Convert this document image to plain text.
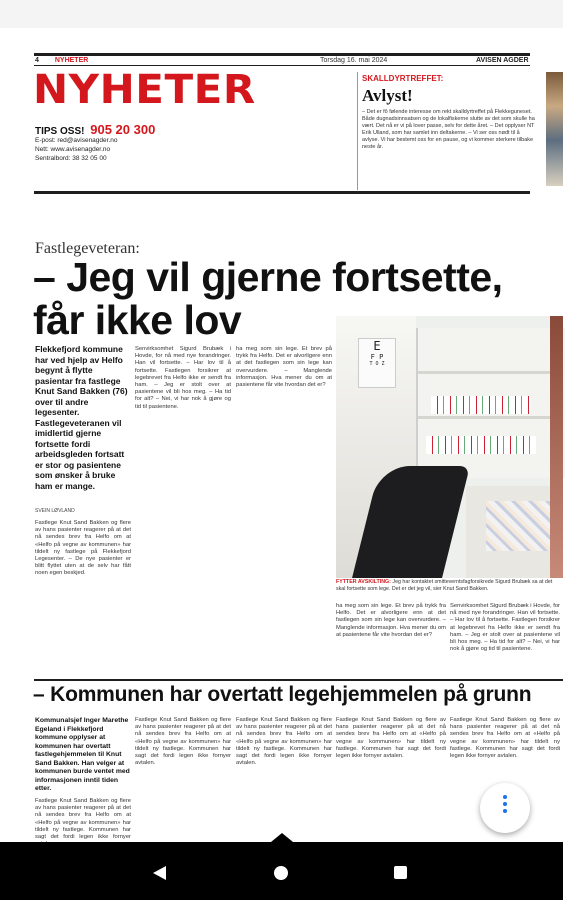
4 NYHETER	Torsdag 16. mai 2024	AVISEN AGDER
NYHETER
TIPS OSS! 905 20 300
E-post: red@avisenagder.no
Nett: www.avisenagder.no
Sentralbord: 38 32 05 00
SKALLDYRTREFFET:
Avlyst!
– Det er fô følende interesse om rekt skalldyrtreffet på Flekkeguneset. Både dugnadsinnsatsen og de lokalfiskerne slutte av det som skulle ha vært. Det nå er vi på lover passe, selv for dette året. – Det opplyser NT Erik Ulland, som har samlet inn deltakerne. – Vi ser oss nødt til å avlyse. Vi har bestemt oss for en pause, og vi kommer sterkere tilbake neste år.
Fastlegeveteran:
– Jeg vil gjerne fortsette,
får ikke lov
Flekkefjord kommune har ved hjelp av Helfo begynt å flytte pasientar fra fastlege Knut Sand Bakken (76) over til andre legesenter. Fastlegeveteranen vil imidlertid gjerne fortsette fordi arbeidsgleden fortsatt er stor og pasientene som ønsker å bruke ham er mange.
SVEIN LØVLAND
Fastlege Knut Sand Bakken og flere av hans pasienter reagerer på at det nå sendes brev fra Helfo om at «Helfo på vegne av kommunen» har tildelt ny fastlege på Flekkefjord Legesenter. – De nye pasienter er blitt flyttet uten at de selv har fått noen egen beskjed.
Senvirksomhet Sigurd Brubæk i Hovde, for nå med nye forandringer. Han vil fortsette. – Har lov til å fortsette. Fastlegen forsikrer at legebrevet fra Helfo ikke er sendt fra ham. – Jeg er stolt over at pasientene vil bli hos meg. – Ha tid for alt? – Nei, vi har nok å gjøre og tid til pasientene.
ha meg som sin lege. Et brev på trykk fra Helfo. Det er alvorligere enn at det fastlegen som sin lege kan overvurdere. – Manglende informasjon. Hva mener du om at pasientene får vite hvordan det er?
E
F P
T O Z
FYTTER AVSKILTING: Jeg har kontaktet smitteverntsfagforsikrede Sigurd Brubæk sa at det skal fortsette som lege. Det er det jeg vil, sier Knut Sand Bakken.
ha meg som sin lege. Et brev på trykk fra Helfo. Det er alvorligere enn at det fastlegen som sin lege kan overvurdere. – Manglende informasjon. Hva mener du om at pasientene får vite hvordan det er?
Senvirksomhet Sigurd Brubæk i Hovde, for nå med nye forandringer. Han vil fortsette. – Har lov til å fortsette. Fastlegen forsikrer at legebrevet fra Helfo ikke er sendt fra ham. – Jeg er stolt over at pasientene vil bli hos meg. – Ha tid for alt? – Nei, vi har nok å gjøre og tid til pasientene.
– Kommunen har overtatt legehjemmelen på grunn
Kommunalsjef Inger Marethe Egeland i Flekkefjord kommune opplyser at kommunen har overtatt fastlegehjemmelen til Knut Sand Bakken. Han velger at kommunen burde ventet med informasjonen inntil tiden etter.
Fastlege Knut Sand Bakken og flere av hans pasienter reagerer på at det nå sendes brev fra Helfo om at «Helfo på vegne av kommunen» har tildelt ny fastlege. Kommunen har sagt det fordi legen ikke fornyer
Fastlege Knut Sand Bakken og flere av hans pasienter reagerer på at det nå sendes brev fra Helfo om at «Helfo på vegne av kommunen» har tildelt ny fastlege. Kommunen har sagt det fordi legen ikke fornyer avtalen.
Fastlege Knut Sand Bakken og flere av hans pasienter reagerer på at det nå sendes brev fra Helfo om at «Helfo på vegne av kommunen» har tildelt ny fastlege. Kommunen har sagt det fordi legen ikke fornyer avtalen.
Fastlege Knut Sand Bakken og flere av hans pasienter reagerer på at det nå sendes brev fra Helfo om at «Helfo på vegne av kommunen» har tildelt ny fastlege. Kommunen har sagt det fordi legen ikke fornyer avtalen.
Fastlege Knut Sand Bakken og flere av hans pasienter reagerer på at det nå sendes brev fra Helfo om at «Helfo på vegne av kommunen» har tildelt ny fastlege. Kommunen har sagt det fordi legen ikke fornyer avtalen.
